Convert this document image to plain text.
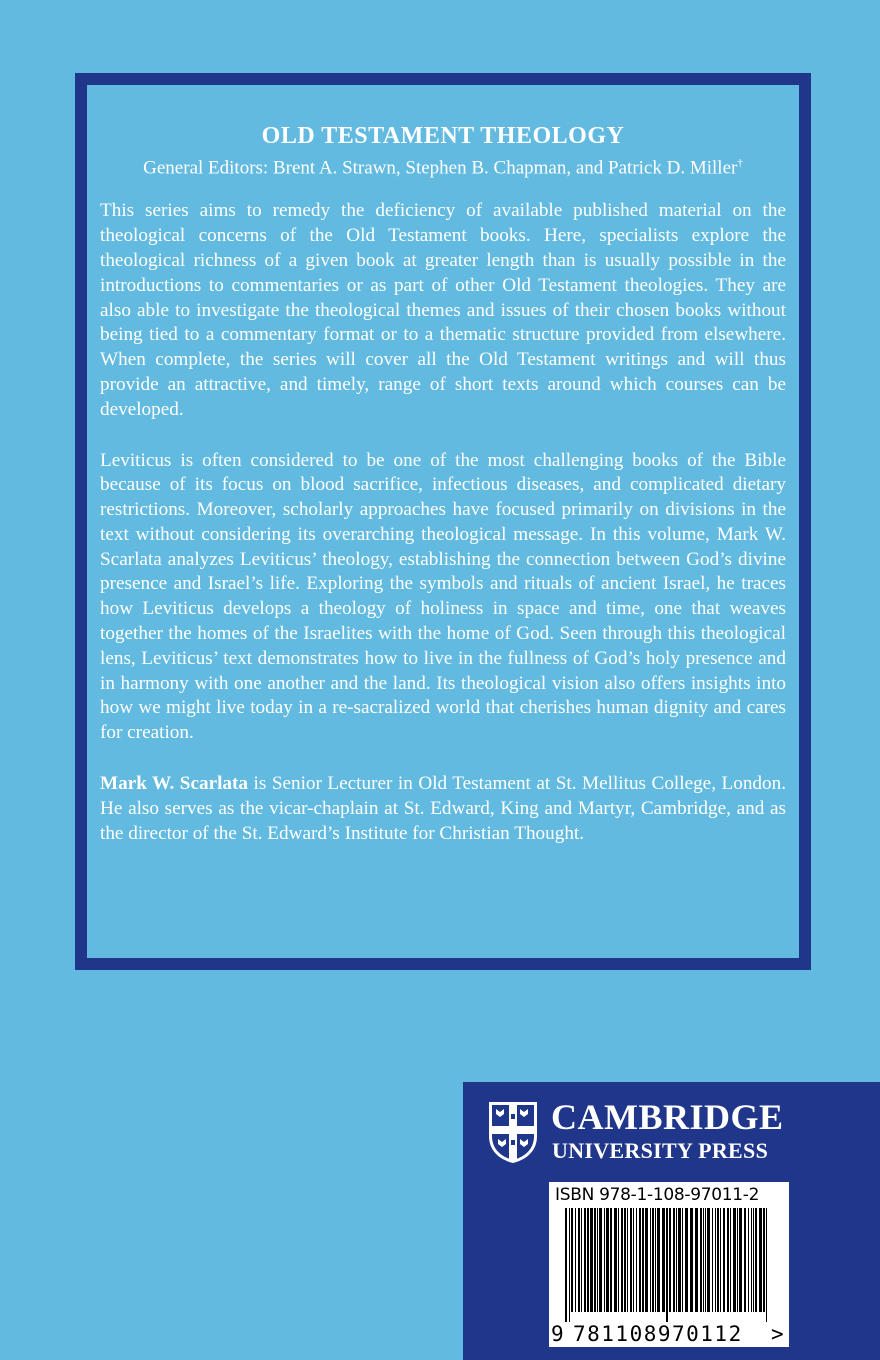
OLD TESTAMENT THEOLOGY
General Editors: Brent A. Strawn, Stephen B. Chapman, and Patrick D. Miller†

This series aims to remedy the deficiency of available published material on the theological concerns of the Old Testament books. Here, specialists explore the theological richness of a given book at greater length than is usually possible in the introductions to commentaries or as part of other Old Testament theologies. They are also able to investigate the theological themes and issues of their chosen books without being tied to a commentary format or to a thematic structure provided from elsewhere. When complete, the series will cover all the Old Testament writings and will thus provide an attractive, and timely, range of short texts around which courses can be developed.

Leviticus is often considered to be one of the most challenging books of the Bible because of its focus on blood sacrifice, infectious diseases, and complicated dietary restrictions. Moreover, scholarly approaches have focused primarily on divisions in the text without considering its overarching theological message. In this volume, Mark W. Scarlata analyzes Leviticus’ theology, establishing the connection between God’s divine presence and Israel’s life. Exploring the symbols and rituals of ancient Israel, he traces how Leviticus develops a theology of holiness in space and time, one that weaves together the homes of the Israelites with the home of God. Seen through this theological lens, Leviticus’ text demonstrates how to live in the fullness of God’s holy presence and in harmony with one another and the land. Its theological vision also offers insights into how we might live today in a re-sacralized world that cherishes human dignity and cares for creation.

Mark W. Scarlata is Senior Lecturer in Old Testament at St. Mellitus College, London. He also serves as the vicar-chaplain at St. Edward, King and Martyr, Cambridge, and as the director of the St. Edward’s Institute for Christian Thought.

CAMBRIDGE
UNIVERSITY PRESS
ISBN 978-1-108-97011-2
9 781108970112 >
